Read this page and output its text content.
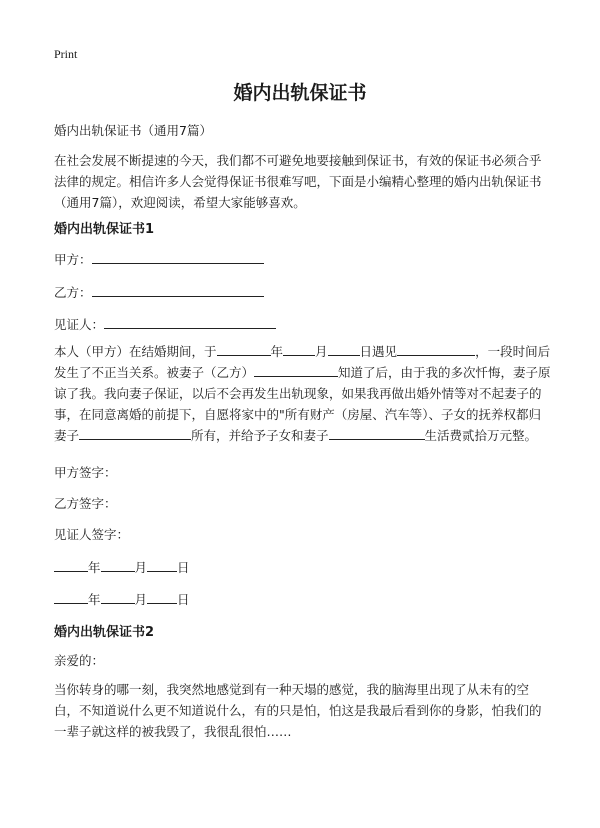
Print
婚内出轨保证书
婚内出轨保证书（通用7篇）
在社会发展不断提速的今天，我们都不可避免地要接触到保证书，有效的保证书必须合乎法律的规定。相信许多人会觉得保证书很难写吧，下面是小编精心整理的婚内出轨保证书（通用7篇），欢迎阅读，希望大家能够喜欢。
婚内出轨保证书1
甲方：
乙方：
见证人：
本人（甲方）在结婚期间，于	年	月	日遇见	，一段时间后发生了不正当关系。被妻子（乙方）	知道了后，由于我的多次忏悔，妻子原谅了我。我向妻子保证，以后不会再发生出轨现象，如果我再做出婚外情等对不起妻子的事，在同意离婚的前提下，自愿将家中的"所有财产（房屋、汽车等）、子女的抚养权都归妻子	所有，并给予子女和妻子	生活费贰拾万元整。
甲方签字：
乙方签字：
见证人签字：
年	月 日
年	月 日
婚内出轨保证书2
亲爱的：
当你转身的哪一刻，我突然地感觉到有一种天塌的感觉，我的脑海里出现了从未有的空白，不知道说什么更不知道说什么，有的只是怕，怕这是我最后看到你的身影，怕我们的一辈子就这样的被我毁了，我很乱很怕……
